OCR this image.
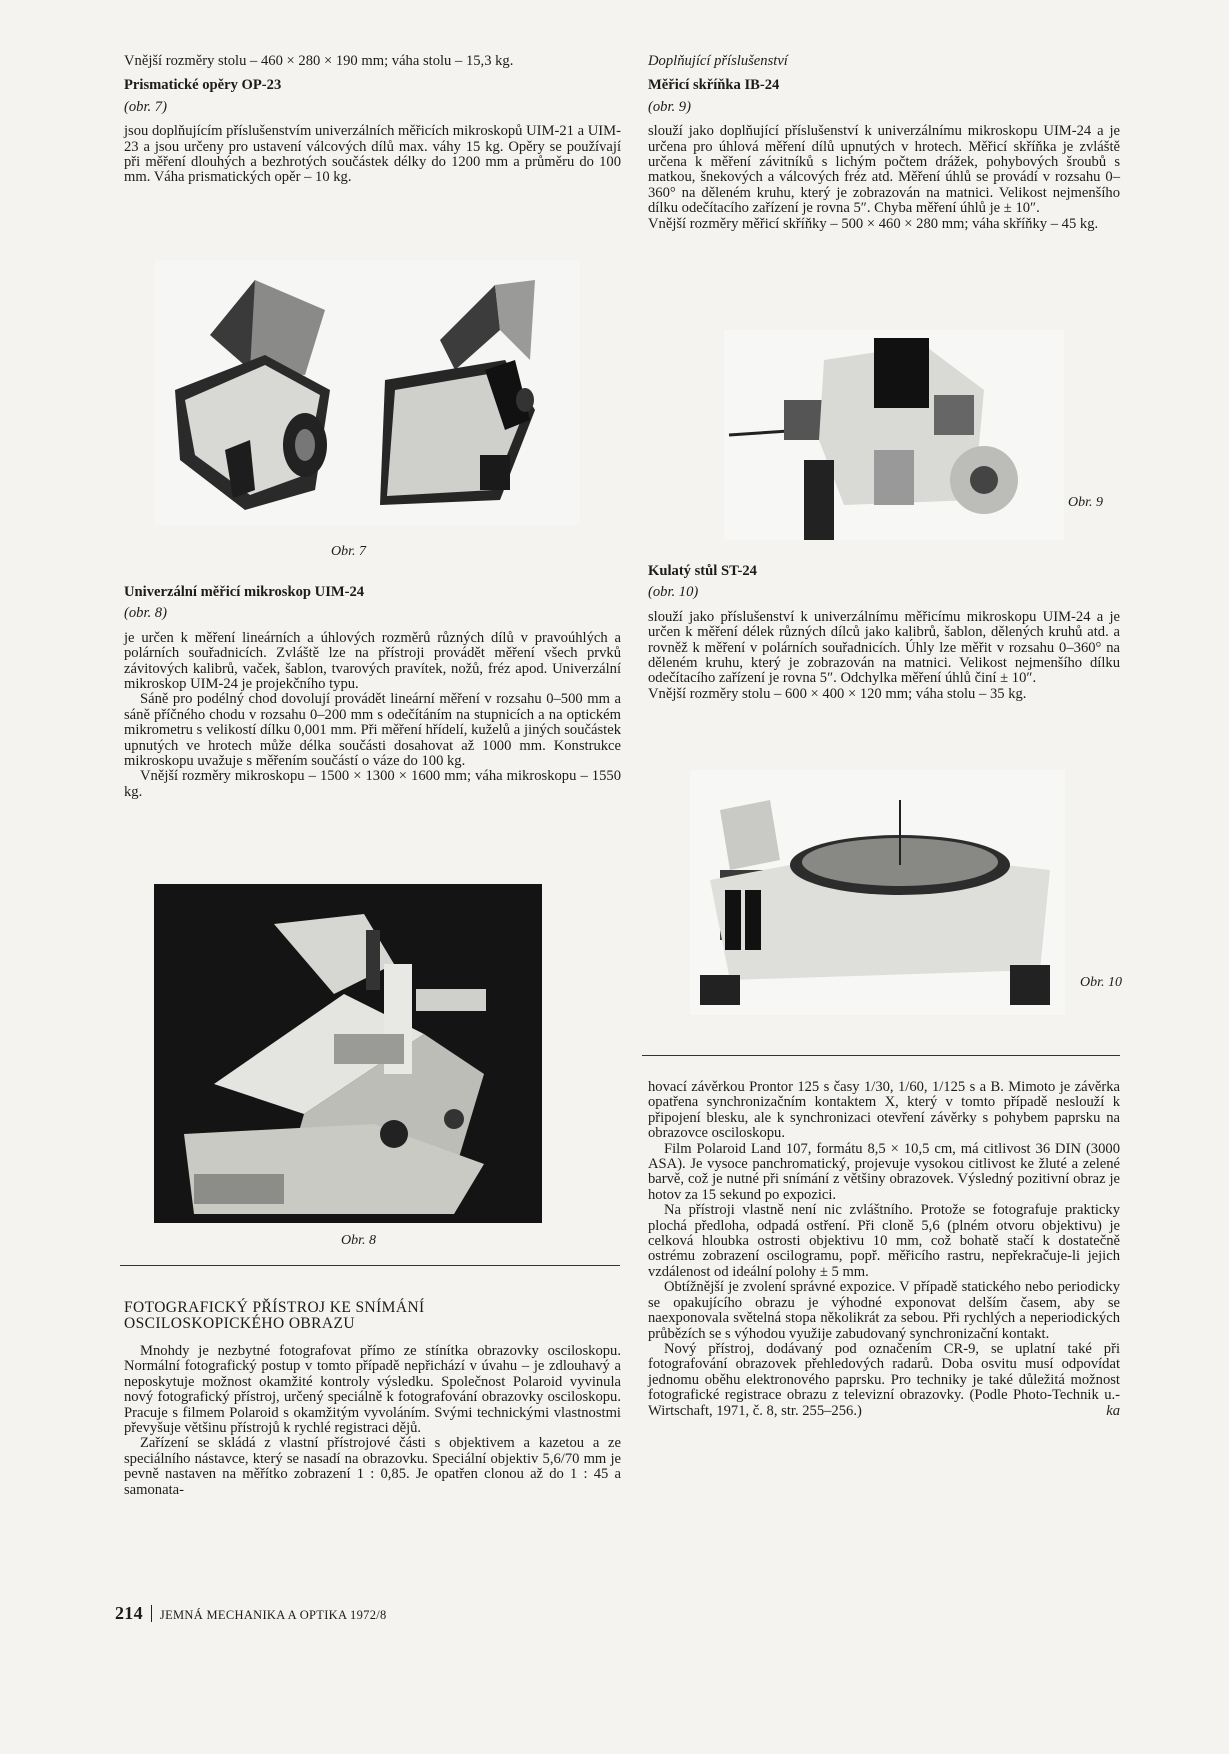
Vnější rozměry stolu – 460 × 280 × 190 mm; váha stolu – 15,3 kg.

Prismatické opěry OP-23

(obr. 7)

jsou doplňujícím příslušenstvím univerzálních měřicích mikroskopů UIM-21 a UIM-23 a jsou určeny pro ustavení válcových dílů max. váhy 15 kg. Opěry se používají při měření dlouhých a bezhrotých součástek délky do 1200 mm a průměru do 100 mm. Váha prismatických opěr – 10 kg.

Obr. 7

Univerzální měřicí mikroskop UIM-24

(obr. 8)

je určen k měření lineárních a úhlových rozměrů různých dílů v pravoúhlých a polárních souřadnicích. Zvláště lze na přístroji provádět měření všech prvků závitových kalibrů, vaček, šablon, tvarových pravítek, nožů, fréz apod. Univerzální mikroskop UIM-24 je projekčního typu.

Sáně pro podélný chod dovolují provádět lineární měření v rozsahu 0–500 mm a sáně příčného chodu v rozsahu 0–200 mm s odečítáním na stupnicích a na optickém mikrometru s velikostí dílku 0,001 mm. Při měření hřídelí, kuželů a jiných součástek upnutých ve hrotech může délka součásti dosahovat až 1000 mm. Konstrukce mikroskopu uvažuje s měřením součástí o váze do 100 kg.

Vnější rozměry mikroskopu – 1500 × 1300 × 1600 mm; váha mikroskopu – 1550 kg.

Obr. 8

FOTOGRAFICKÝ PŘÍSTROJ KE SNÍMÁNÍ

OSCILOSKOPICKÉHO OBRAZU

Mnohdy je nezbytné fotografovat přímo ze stínítka obrazovky osciloskopu. Normální fotografický postup v tomto případě nepřichází v úvahu – je zdlouhavý a neposkytuje možnost okamžité kontroly výsledku. Společnost Polaroid vyvinula nový fotografický přístroj, určený speciálně k fotografování obrazovky osciloskopu. Pracuje s filmem Polaroid s okamžitým vyvoláním. Svými technickými vlastnostmi převyšuje většinu přístrojů k rychlé registraci dějů.

Zařízení se skládá z vlastní přístrojové části s objektivem a kazetou a ze speciálního nástavce, který se nasadí na obrazovku. Speciální objektiv 5,6/70 mm je pevně nastaven na měřítko zobrazení 1 : 0,85. Je opatřen clonou až do 1 : 45 a samonata-

Doplňující příslušenství

Měřicí skříňka IB-24

(obr. 9)

slouží jako doplňující příslušenství k univerzálnímu mikroskopu UIM-24 a je určena pro úhlová měření dílů upnutých v hrotech. Měřicí skříňka je zvláště určena k měření závitníků s lichým počtem drážek, pohybových šroubů s matkou, šnekových a válcových fréz atd. Měření úhlů se provádí v rozsahu 0–360° na děleném kruhu, který je zobrazován na matnici. Velikost nejmenšího dílku odečítacího zařízení je rovna 5″. Chyba měření úhlů je ± 10″.

Vnější rozměry měřicí skříňky – 500 × 460 × 280 mm; váha skříňky – 45 kg.

Obr. 9

Kulatý stůl ST-24

(obr. 10)

slouží jako příslušenství k univerzálnímu měřicímu mikroskopu UIM-24 a je určen k měření délek různých dílců jako kalibrů, šablon, dělených kruhů atd. a rovněž k měření v polárních souřadnicích. Úhly lze měřit v rozsahu 0–360° na děleném kruhu, který je zobrazován na matnici. Velikost nejmenšího dílku odečítacího zařízení je rovna 5″. Odchylka měření úhlů činí ± 10″.

Vnější rozměry stolu – 600 × 400 × 120 mm; váha stolu – 35 kg.

Obr. 10

hovací závěrkou Prontor 125 s časy 1/30, 1/60, 1/125 s a B. Mimoto je závěrka opatřena synchronizačním kontaktem X, který v tomto případě neslouží k připojení blesku, ale k synchronizaci otevření závěrky s pohybem paprsku na obrazovce osciloskopu.

Film Polaroid Land 107, formátu 8,5 × 10,5 cm, má citlivost 36 DIN (3000 ASA). Je vysoce panchromatický, projevuje vysokou citlivost ke žluté a zelené barvě, což je nutné při snímání z většiny obrazovek. Výsledný pozitivní obraz je hotov za 15 sekund po expozici.

Na přístroji vlastně není nic zvláštního. Protože se fotografuje prakticky plochá předloha, odpadá ostření. Při cloně 5,6 (plném otvoru objektivu) je celková hloubka ostrosti objektivu 10 mm, což bohatě stačí k dostatečně ostrému zobrazení oscilogramu, popř. měřicího rastru, nepřekračuje-li jejich vzdálenost od ideální polohy ± 5 mm.

Obtížnější je zvolení správné expozice. V případě statického nebo periodicky se opakujícího obrazu je výhodné exponovat delším časem, aby se naexponovala světelná stopa několikrát za sebou. Při rychlých a neperiodických průbězích se s výhodou využije zabudovaný synchronizační kontakt.

Nový přístroj, dodávaný pod označením CR-9, se uplatní také při fotografování obrazovek přehledových radarů. Doba osvitu musí odpovídat jednomu oběhu elektronového paprsku. Pro techniky je také důležitá možnost fotografické registrace obrazu z televizní obrazovky. (Podle Photo-Technik u.-Wirtschaft, 1971, č. 8, str. 255–256.)	ka

214 JEMNÁ MECHANIKA A OPTIKA 1972/8
